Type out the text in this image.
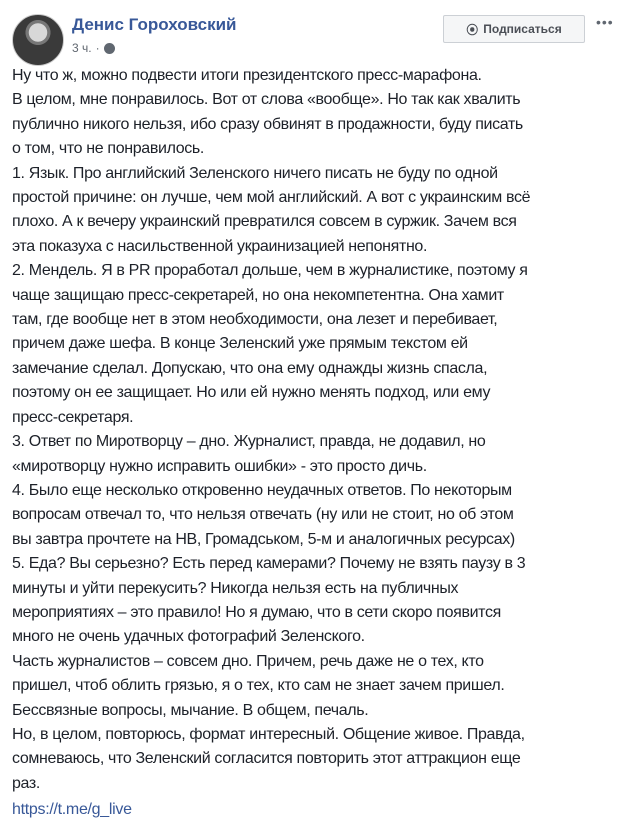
Денис Гороховский
3 ч. ·
⦿ Подписаться •••
Ну что ж, можно подвести итоги президентского пресс-марафона.
В целом, мне понравилось. Вот от слова «вообще». Но так как хвалить
публично никого нельзя, ибо сразу обвинят в продажности, буду писать
о том, что не понравилось.
1. Язык. Про английский Зеленского ничего писать не буду по одной
простой причине: он лучше, чем мой английский. А вот с украинским всё
плохо. А к вечеру украинский превратился совсем в суржик. Зачем вся
эта показуха с насильственной украинизацией непонятно.
2. Мендель. Я в PR проработал дольше, чем в журналистике, поэтому я
чаще защищаю пресс-секретарей, но она некомпетентна. Она хамит
там, где вообще нет в этом необходимости, она лезет и перебивает,
причем даже шефа. В конце Зеленский уже прямым текстом ей
замечание сделал. Допускаю, что она ему однажды жизнь спасла,
поэтому он ее защищает. Но или ей нужно менять подход, или ему
пресс-секретаря.
3. Ответ по Миротворцу – дно. Журналист, правда, не додавил, но
«миротворцу нужно исправить ошибки» - это просто дичь.
4. Было еще несколько откровенно неудачных ответов. По некоторым
вопросам отвечал то, что нельзя отвечать (ну или не стоит, но об этом
вы завтра прочтете на НВ, Громадськом, 5-м и аналогичных ресурсах)
5. Еда? Вы серьезно? Есть перед камерами? Почему не взять паузу в 3
минуты и уйти перекусить? Никогда нельзя есть на публичных
мероприятиях – это правило! Но я думаю, что в сети скоро появится
много не очень удачных фотографий Зеленского.
Часть журналистов – совсем дно. Причем, речь даже не о тех, кто
пришел, чтоб облить грязью, я о тех, кто сам не знает зачем пришел.
Бессвязные вопросы, мычание. В общем, печаль.
Но, в целом, повторюсь, формат интересный. Общение живое. Правда,
сомневаюсь, что Зеленский согласится повторить этот аттракцион еще
раз.
https://t.me/g_live
